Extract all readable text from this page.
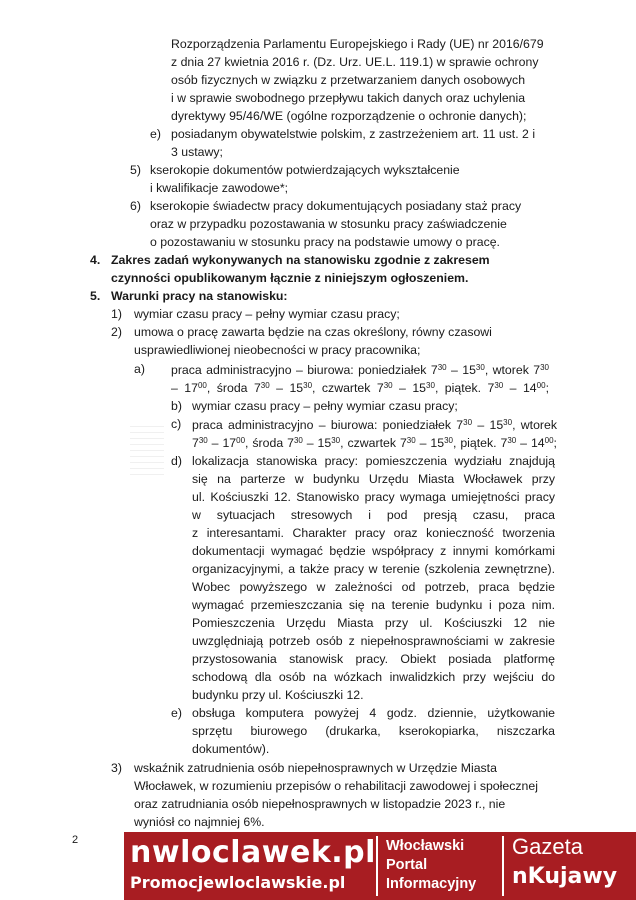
Rozporządzenia Parlamentu Europejskiego i Rady (UE) nr 2016/679
z dnia 27 kwietnia 2016 r. (Dz. Urz. UE.L. 119.1) w sprawie ochrony
osób fizycznych w związku z przetwarzaniem danych osobowych
i w sprawie swobodnego przepływu takich danych oraz uchylenia
dyrektywy 95/46/WE (ogólne rozporządzenie o ochronie danych);
e) posiadanym obywatelstwie polskim, z zastrzeżeniem art. 11 ust. 2 i
3 ustawy;
5) kserokopie dokumentów potwierdzających wykształcenie
i kwalifikacje zawodowe*;
6) kserokopie świadectw pracy dokumentujących posiadany staż pracy
oraz w przypadku pozostawania w stosunku pracy zaświadczenie
o pozostawaniu w stosunku pracy na podstawie umowy o pracę.
4. Zakres zadań wykonywanych na stanowisku zgodnie z zakresem
czynności opublikowanym łącznie z niniejszym ogłoszeniem.
5. Warunki pracy na stanowisku:
1) wymiar czasu pracy – pełny wymiar czasu pracy;
2) umowa o pracę zawarta będzie na czas określony, równy czasowi
usprawiedliwionej nieobecności w pracy pracownika;
a) praca administracyjno – biurowa: poniedziałek $7^{30} - 15^{30}$, wtorek $7^{30} - 17^{00}$, środa $7^{30} - 15^{30}$, czwartek $7^{30} - 15^{30}$, piątek. $7^{30} - 14^{00}$;
b) wymiar czasu pracy – pełny wymiar czasu pracy;
c) praca administracyjno – biurowa: poniedziałek $7^{30} - 15^{30}$, wtorek $7^{30} - 17^{00}$, środa $7^{30} - 15^{30}$, czwartek $7^{30} - 15^{30}$, piątek. $7^{30} - 14^{00}$;
d) lokalizacja stanowiska pracy: pomieszczenia wydziału znajdują
się na parterze w budynku Urzędu Miasta Włocławek przy
ul. Kościuszki 12. Stanowisko pracy wymaga umiejętności pracy
w sytuacjach stresowych i pod presją czasu, praca
z interesantami. Charakter pracy oraz konieczność tworzenia
dokumentacji wymagać będzie współpracy z innymi komórkami
organizacyjnymi, a także pracy w terenie (szkolenia zewnętrzne).
Wobec powyższego w zależności od potrzeb, praca będzie
wymagać przemieszczania się na terenie budynku i poza nim.
Pomieszczenia Urzędu Miasta przy ul. Kościuszki 12 nie
uwzględniają potrzeb osób z niepełnosprawnościami w zakresie
przystosowania stanowisk pracy. Obiekt posiada platformę
schodową dla osób na wózkach inwalidzkich przy wejściu do
budynku przy ul. Kościuszki 12.
e) obsługa komputera powyżej 4 godz. dziennie, użytkowanie
sprzętu biurowego (drukarka, kserokopiarka, niszczarka
dokumentów).
3) wskaźnik zatrudnienia osób niepełnosprawnych w Urzędzie Miasta
Włocławek, w rozumieniu przepisów o rehabilitacji zawodowej i społecznej
2 nwloclawek.pl
Promocjewloclawskie.pl
Włocławski
Portal
Informacyjny
Gazeta
nKujawy
oraz zatrudniania osób niepełnosprawnych w listopadzie 2023 r., nie
wyniósł co najmniej 6%.
